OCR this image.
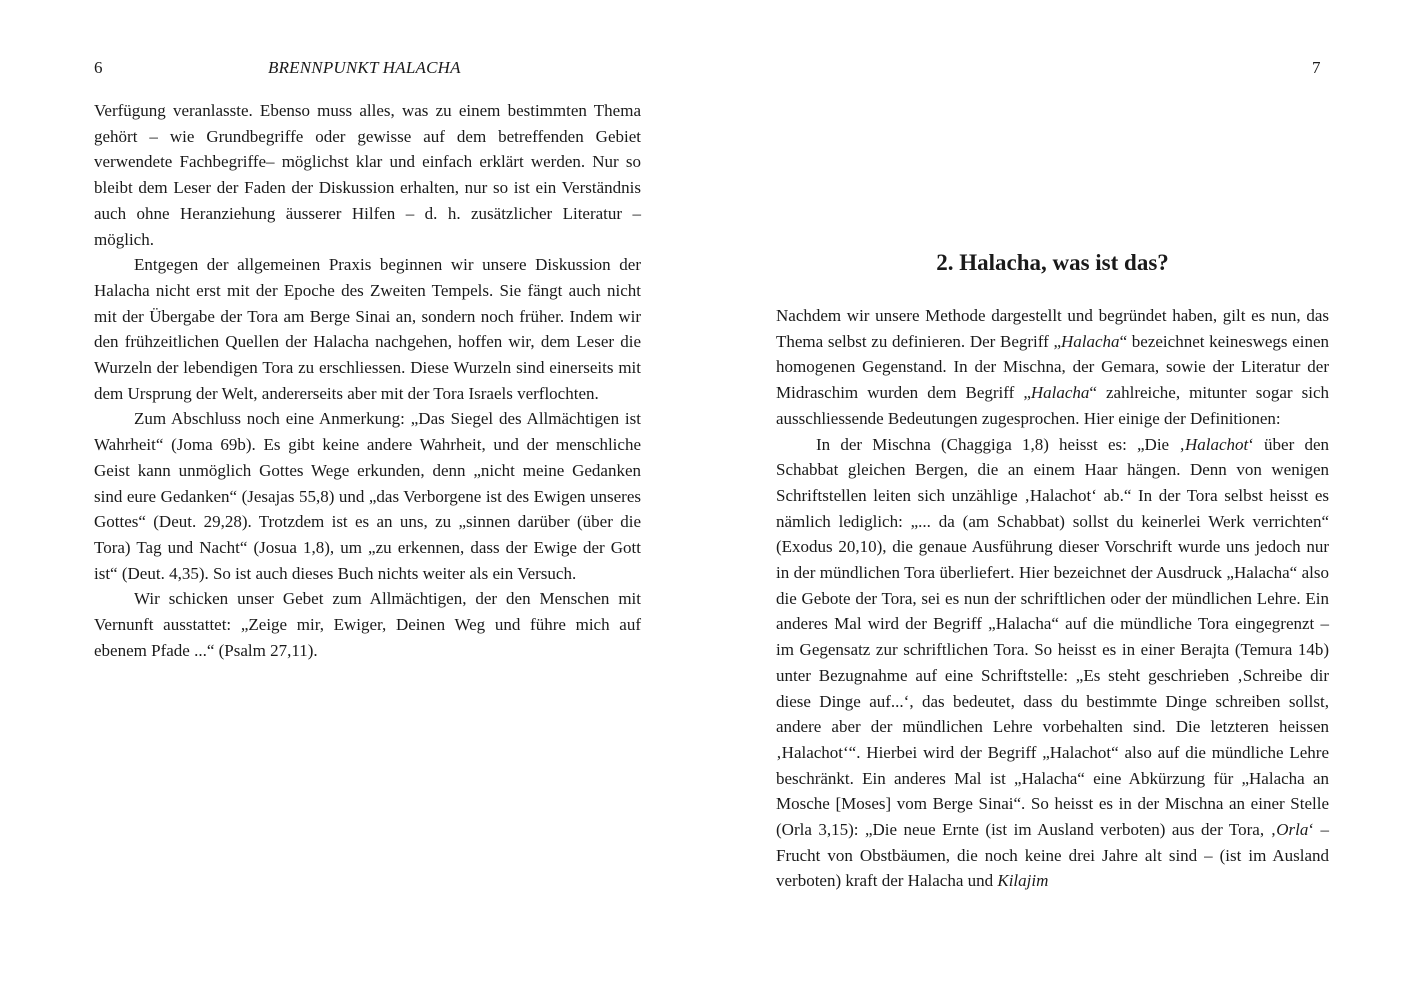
6	BRENNPUNKT HALACHA

Verfügung veranlasste. Ebenso muss alles, was zu einem bestimmten Thema gehört – wie Grundbegriffe oder gewisse auf dem betreffenden Gebiet verwendete Fachbegriffe– möglichst klar und einfach erklärt werden. Nur so bleibt dem Leser der Faden der Diskussion erhalten, nur so ist ein Verständnis auch ohne Heranziehung äusserer Hilfen – d. h. zusätzlicher Literatur – möglich.

Entgegen der allgemeinen Praxis beginnen wir unsere Diskussion der Halacha nicht erst mit der Epoche des Zweiten Tempels. Sie fängt auch nicht mit der Übergabe der Tora am Berge Sinai an, sondern noch früher. Indem wir den frühzeitlichen Quellen der Halacha nachgehen, hoffen wir, dem Leser die Wurzeln der lebendigen Tora zu erschliessen. Diese Wurzeln sind einerseits mit dem Ursprung der Welt, andererseits aber mit der Tora Israels verflochten.

Zum Abschluss noch eine Anmerkung: „Das Siegel des Allmächtigen ist Wahrheit“ (Joma 69b). Es gibt keine andere Wahrheit, und der menschliche Geist kann unmöglich Gottes Wege erkunden, denn „nicht meine Gedanken sind eure Gedanken“ (Jesajas 55,8) und „das Verborgene ist des Ewigen unseres Gottes“ (Deut. 29,28). Trotzdem ist es an uns, zu „sinnen darüber (über die Tora) Tag und Nacht“ (Josua 1,8), um „zu erkennen, dass der Ewige der Gott ist“ (Deut. 4,35). So ist auch dieses Buch nichts weiter als ein Versuch.

Wir schicken unser Gebet zum Allmächtigen, der den Menschen mit Vernunft ausstattet: „Zeige mir, Ewiger, Deinen Weg und führe mich auf ebenem Pfade ...“ (Psalm 27,11).

7
2. Halacha, was ist das?

Nachdem wir unsere Methode dargestellt und begründet haben, gilt es nun, das Thema selbst zu definieren. Der Begriff „Halacha“ bezeichnet keineswegs einen homogenen Gegenstand. In der Mischna, der Gemara, sowie der Literatur der Midraschim wurden dem Begriff „Halacha“ zahlreiche, mitunter sogar sich ausschliessende Bedeutungen zugesprochen. Hier einige der Definitionen:

In der Mischna (Chaggiga 1,8) heisst es: „Die ‚Halachot‘ über den Schabbat gleichen Bergen, die an einem Haar hängen. Denn von wenigen Schriftstellen leiten sich unzählige ‚Halachot‘ ab.“ In der Tora selbst heisst es nämlich lediglich: „... da (am Schabbat) sollst du keinerlei Werk verrichten“ (Exodus 20,10), die genaue Ausführung dieser Vorschrift wurde uns jedoch nur in der mündlichen Tora überliefert. Hier bezeichnet der Ausdruck „Halacha“ also die Gebote der Tora, sei es nun der schriftlichen oder der mündlichen Lehre. Ein anderes Mal wird der Begriff „Halacha“ auf die mündliche Tora eingegrenzt – im Gegensatz zur schriftlichen Tora. So heisst es in einer Berajta (Temura 14b) unter Bezugnahme auf eine Schriftstelle: „Es steht geschrieben ‚Schreibe dir diese Dinge auf...‘, das bedeutet, dass du bestimmte Dinge schreiben sollst, andere aber der mündlichen Lehre vorbehalten sind. Die letzteren heissen ‚Halachot‘“. Hierbei wird der Begriff „Halachot“ also auf die mündliche Lehre beschränkt. Ein anderes Mal ist „Halacha“ eine Abkürzung für „Halacha an Mosche [Moses] vom Berge Sinai“. So heisst es in der Mischna an einer Stelle (Orla 3,15): „Die neue Ernte (ist im Ausland verboten) aus der Tora, ‚Orla‘ – Frucht von Obstbäumen, die noch keine drei Jahre alt sind – (ist im Ausland verboten) kraft der Halacha und Kilajim
